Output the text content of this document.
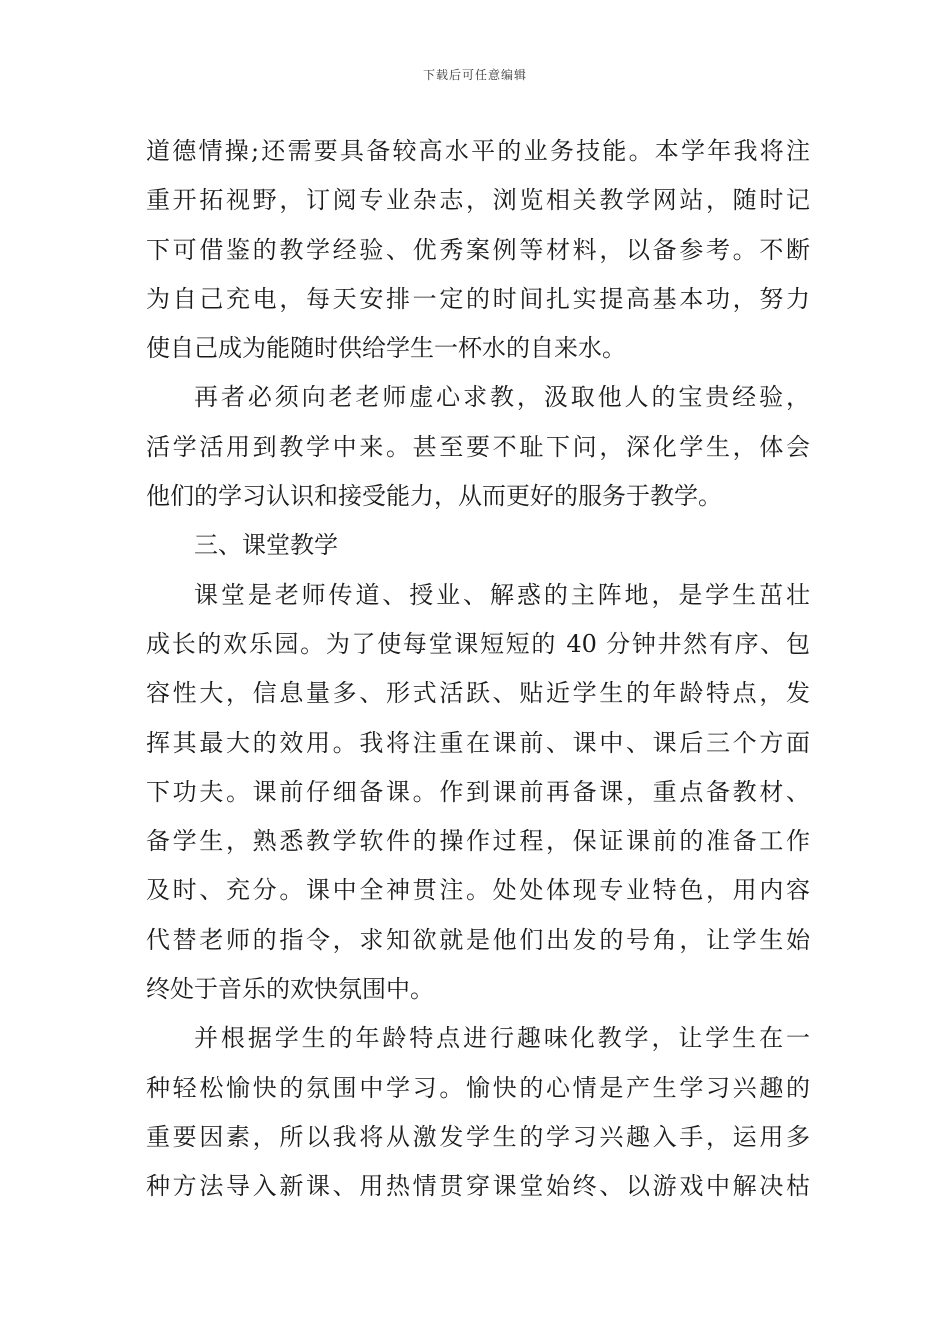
下载后可任意编辑
道德情操;还需要具备较高水平的业务技能。本学年我将注
重开拓视野，订阅专业杂志，浏览相关教学网站，随时记
下可借鉴的教学经验、优秀案例等材料，以备参考。不断
为自己充电，每天安排一定的时间扎实提高基本功，努力
使自己成为能随时供给学生一杯水的自来水。
再者必须向老老师虚心求教，汲取他人的宝贵经验，
活学活用到教学中来。甚至要不耻下问，深化学生，体会
他们的学习认识和接受能力，从而更好的服务于教学。
三、课堂教学
课堂是老师传道、授业、解惑的主阵地，是学生茁壮
成长的欢乐园。为了使每堂课短短的 40 分钟井然有序、包
容性大，信息量多、形式活跃、贴近学生的年龄特点，发
挥其最大的效用。我将注重在课前、课中、课后三个方面
下功夫。课前仔细备课。作到课前再备课，重点备教材、
备学生，熟悉教学软件的操作过程，保证课前的准备工作
及时、充分。课中全神贯注。处处体现专业特色，用内容
代替老师的指令，求知欲就是他们出发的号角，让学生始
终处于音乐的欢快氛围中。
并根据学生的年龄特点进行趣味化教学，让学生在一
种轻松愉快的氛围中学习。愉快的心情是产生学习兴趣的
重要因素，所以我将从激发学生的学习兴趣入手，运用多
种方法导入新课、用热情贯穿课堂始终、以游戏中解决枯
